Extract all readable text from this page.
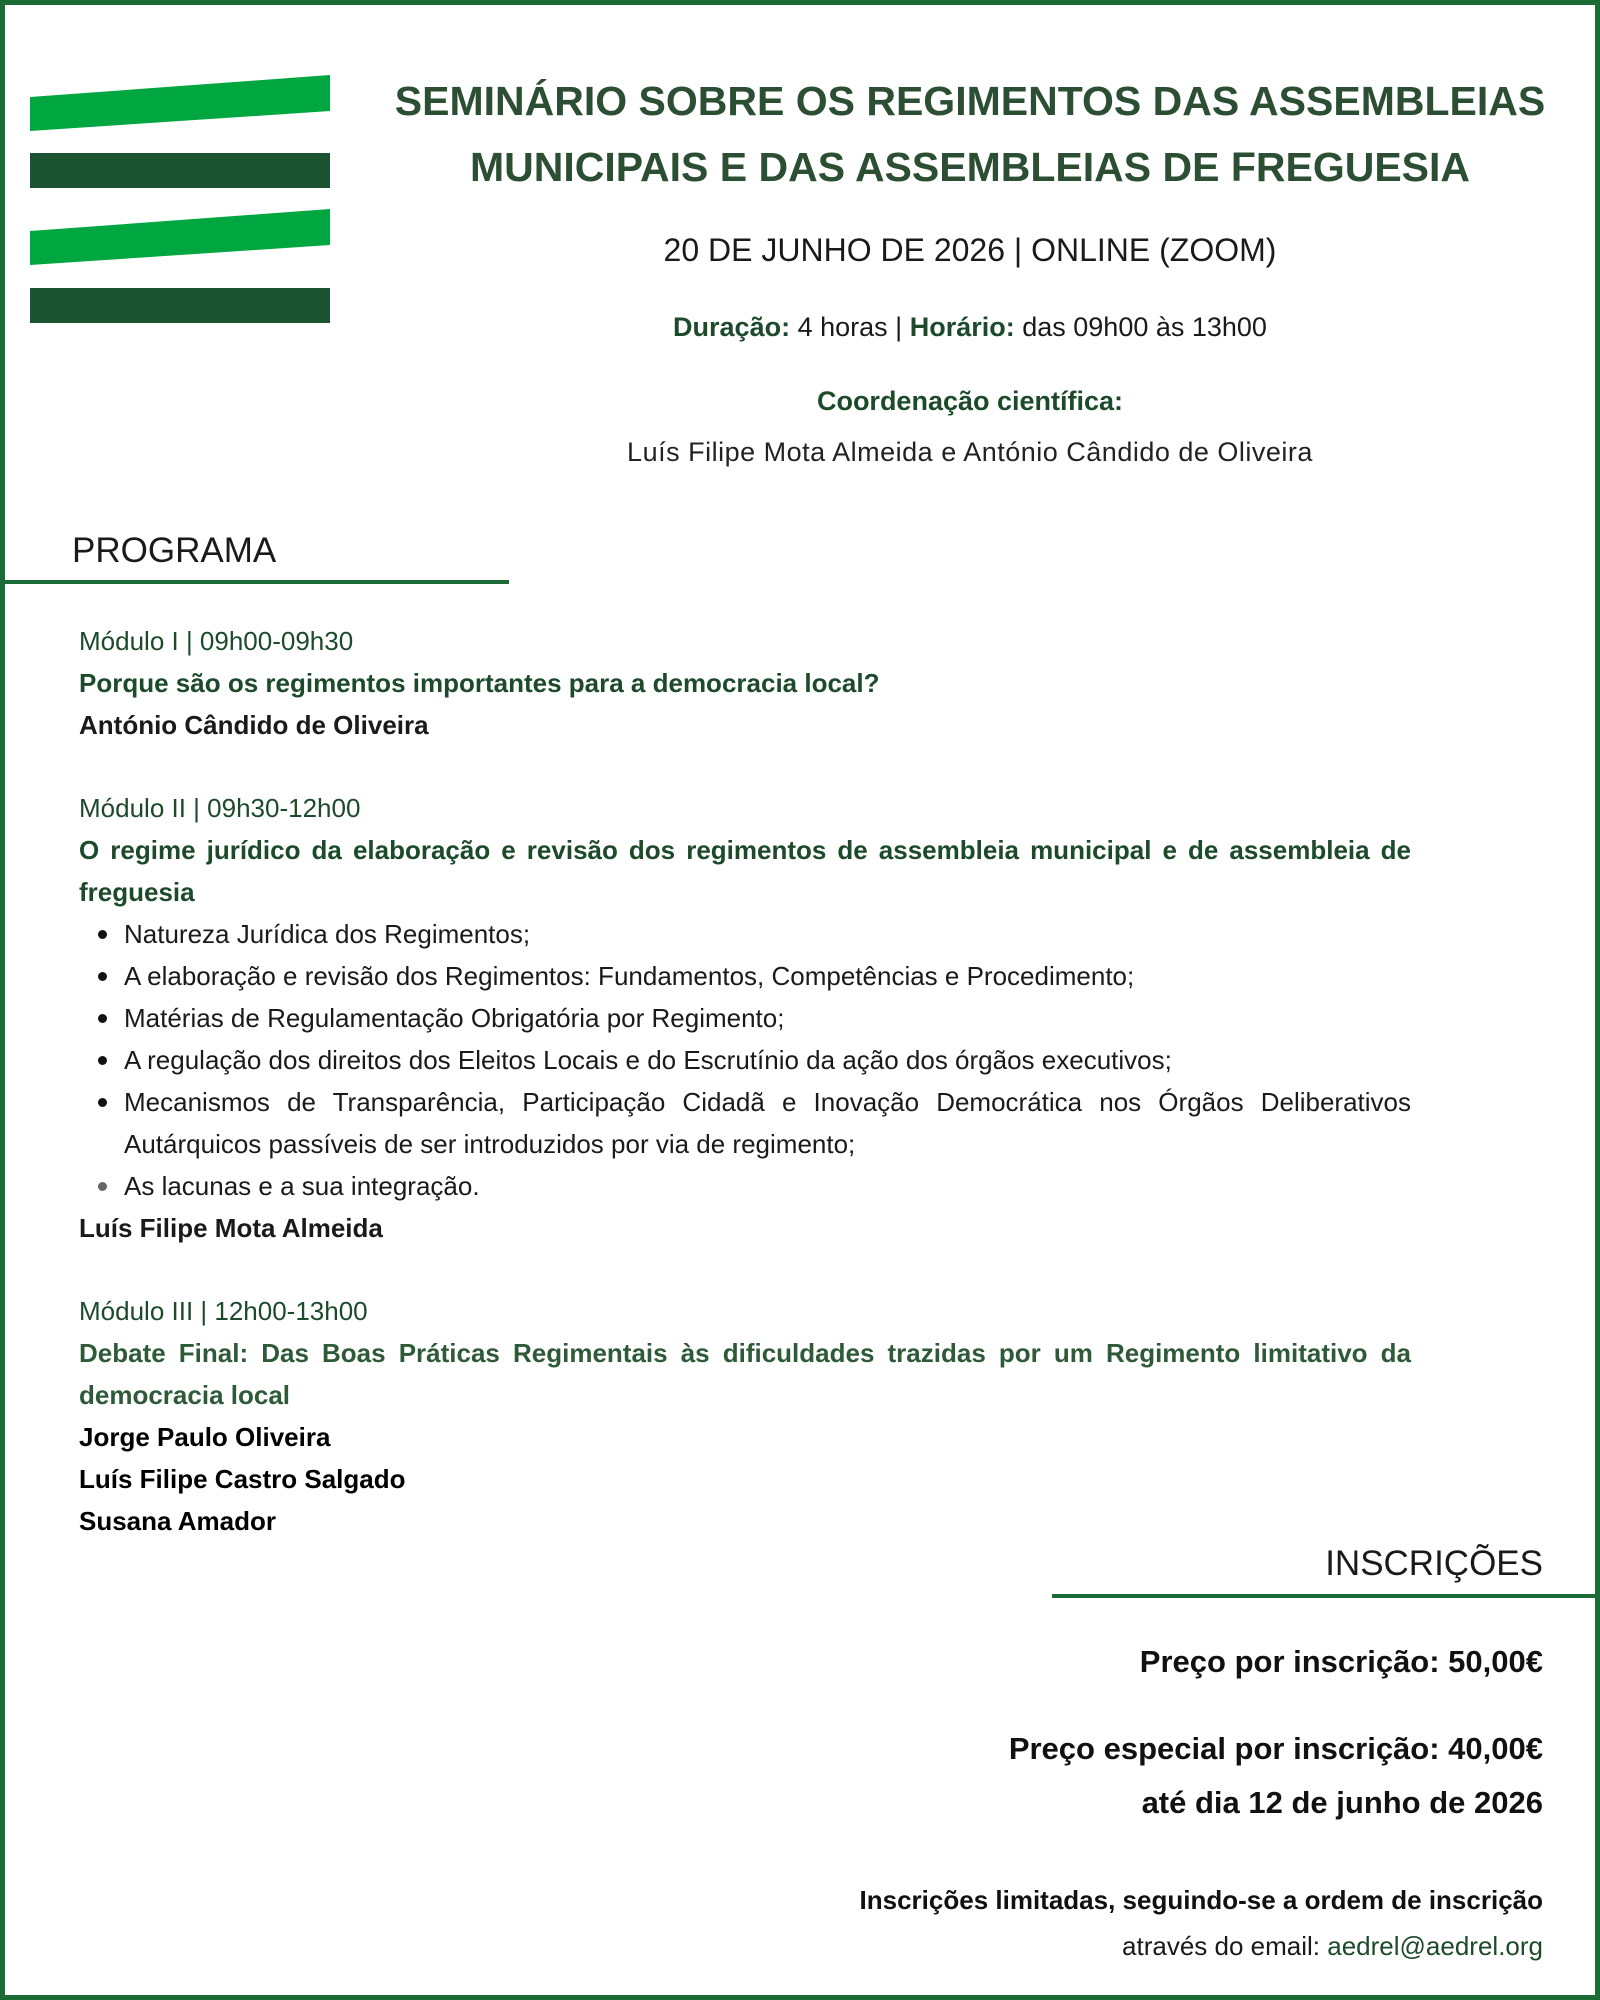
SEMINÁRIO SOBRE OS REGIMENTOS DAS ASSEMBLEIAS
MUNICIPAIS E DAS ASSEMBLEIAS DE FREGUESIA
20 DE JUNHO DE 2026 | ONLINE (ZOOM)
Duração: 4 horas | Horário: das 09h00 às 13h00
Coordenação científica:
Luís Filipe Mota Almeida e António Cândido de Oliveira
PROGRAMA
Módulo I | 09h00-09h30
Porque são os regimentos importantes para a democracia local?
António Cândido de Oliveira
Módulo II | 09h30-12h00
O regime jurídico da elaboração e revisão dos regimentos de assembleia municipal e de assembleia de freguesia
Natureza Jurídica dos Regimentos;
A elaboração e revisão dos Regimentos: Fundamentos, Competências e Procedimento;
Matérias de Regulamentação Obrigatória por Regimento;
A regulação dos direitos dos Eleitos Locais e do Escrutínio da ação dos órgãos executivos;
Mecanismos de Transparência, Participação Cidadã e Inovação Democrática nos Órgãos Deliberativos Autárquicos passíveis de ser introduzidos por via de regimento;
As lacunas e a sua integração.
Luís Filipe Mota Almeida
Módulo III | 12h00-13h00
Debate Final: Das Boas Práticas Regimentais às dificuldades trazidas por um Regimento limitativo da democracia local
Jorge Paulo Oliveira
Luís Filipe Castro Salgado
Susana Amador
INSCRIÇÕES
Preço por inscrição: 50,00€
Preço especial por inscrição: 40,00€
até dia 12 de junho de 2026
Inscrições limitadas, seguindo-se a ordem de inscrição
através do email: aedrel@aedrel.org
